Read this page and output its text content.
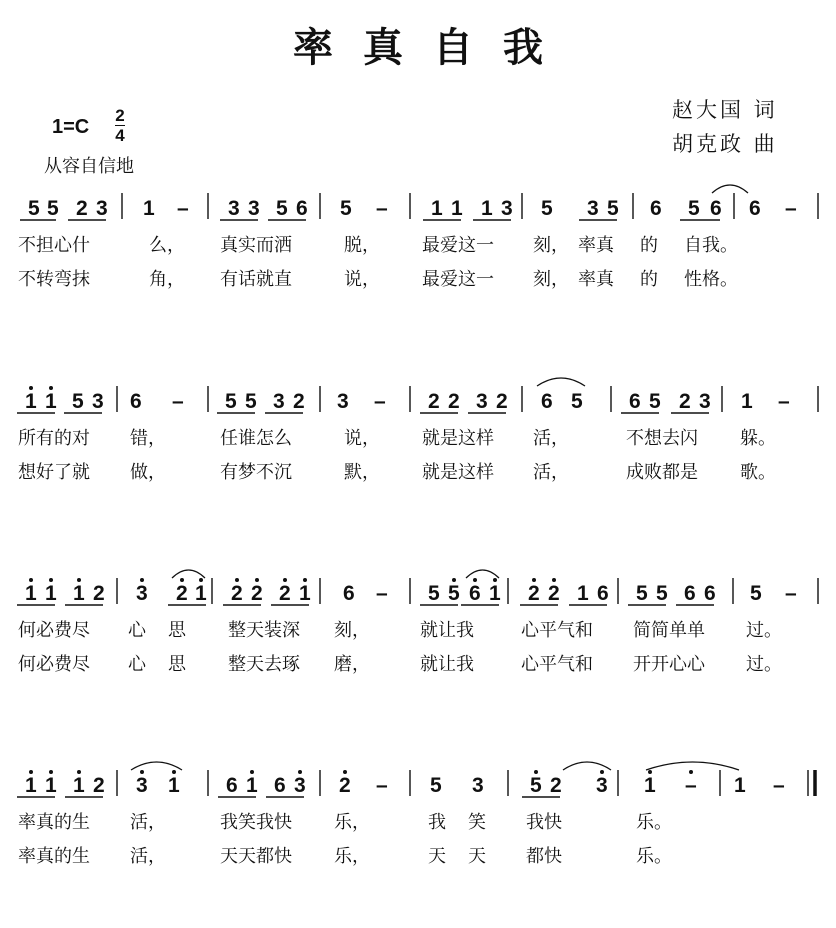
率真自我
赵大国 词
胡克政 曲
1=C
2
4
从容自信地
5 5 2 3 1 – 3 3 5 6 5 – 1 1 1 3 5 3 5 6 5 6 6 –
不担心什	么， 真实而洒	脱， 最爱这一 刻， 率真 的 自我。
不转弯抹	角， 有话就直	说， 最爱这一 刻， 率真 的 性格。
1 1 5 3 6 – 5 5 3 2 3 – 2 2 3 2 6 5 6 5 2 3 1 –
所有的对 错，	任谁怎么	说， 就是这样 活，	不想去闪 躲。
想好了就 做，	有梦不沉	默， 就是这样 活，	成败都是 歌。
1 1 1 2 3 2 1 2 2 2 1 6 – 5 5 6 1 2 2 1 6 5 5 6 6 5 –
何必费尽 心 思 整天装深 刻，	就让我	心平气和 简简单单 过。
何必费尽 心 思 整天去琢 磨，	就让我	心平气和 开开心心 过。
1 1 1 2 3 1 6 1 6 3 2 – 5 3 5 2 3 1 – 1 –
率真的生 活，	我笑我快 乐，	我 笑 我快	乐。
率真的生 活，	天天都快 乐，	天 天 都快	乐。
